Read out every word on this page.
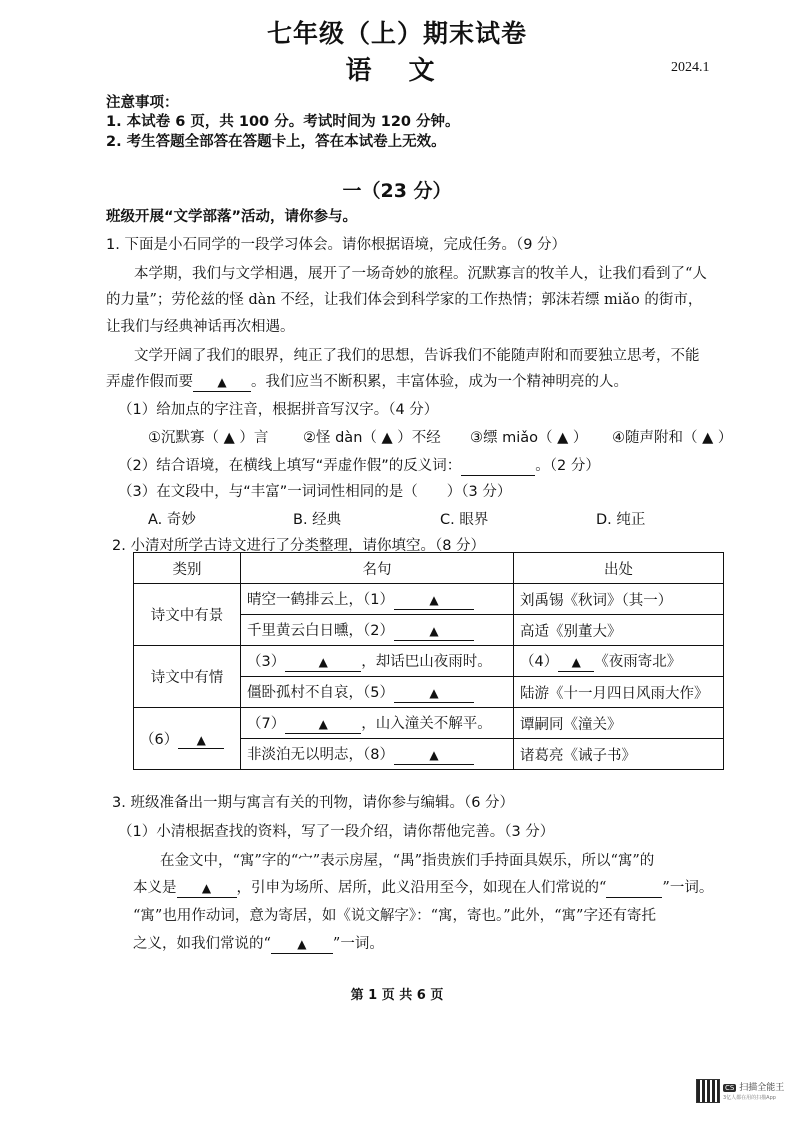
七年级（上）期末试卷
语 文	2024.1
注意事项：
1. 本试卷 6 页，共 100 分。考试时间为 120 分钟。
2. 考生答题全部答在答题卡上，答在本试卷上无效。
一（23 分）
班级开展“文学部落”活动，请你参与。
1. 下面是小石同学的一段学习体会。请你根据语境，完成任务。（9 分）
本学期，我们与文学相遇，展开了一场奇妙的旅程。沉默寡言的牧羊人，让我们看到了“人
的力量”；劳伦兹的怪 dàn 不经，让我们体会到科学家的工作热情；郭沫若缥 miǎo 的街市，
让我们与经典神话再次相遇。
文学开阔了我们的眼界，纯正了我们的思想，告诉我们不能随声附和而要独立思考，不能
弄虚作假而要 ▲ 。我们应当不断积累，丰富体验，成为一个精神明亮的人。
（1）给加点的字注音，根据拼音写汉字。（4 分）
①沉默寡（ ▲ ）言 ②怪 dàn（ ▲ ）不经 ③缥 miǎo（ ▲ ） ④随声附和（ ▲ ）
（2）结合语境，在横线上填写“弄虚作假”的反义词：	。（2 分）
（3）在文段中，与“丰富”一词词性相同的是（　　）（3 分）
A. 奇妙	B. 经典	C. 眼界	D. 纯正
2. 小清对所学古诗文进行了分类整理，请你填空。（8 分）
类别	名句	出处
诗文中有景	晴空一鹤排云上，（1） ▲	刘禹锡《秋词》（其一）
	千里黄云白日曛，（2） ▲	高适《别董大》
诗文中有情	（3） ▲ ，却话巴山夜雨时。	（4） ▲ 《夜雨寄北》
	僵卧孤村不自哀，（5） ▲	陆游《十一月四日风雨大作》
（6） ▲	（7） ▲ ，山入潼关不解平。	谭嗣同《潼关》
	非淡泊无以明志，（8） ▲	诸葛亮《诫子书》
3. 班级准备出一期与寓言有关的刊物，请你参与编辑。（6 分）
（1）小清根据查找的资料，写了一段介绍，请你帮他完善。（3 分）
在金文中，“寓”字的“宀”表示房屋，“禺”指贵族们手持面具娱乐，所以“寓”的
本义是 ▲ ，引申为场所、居所，此义沿用至今，如现在人们常说的“	”一词。
“寓”也用作动词，意为寄居，如《说文解字》：“寓，寄也。”此外，“寓”字还有寄托
之义，如我们常说的“ ▲ ”一词。
第 1 页 共 6 页
CS 扫描全能王
3亿人都在用的扫描App
